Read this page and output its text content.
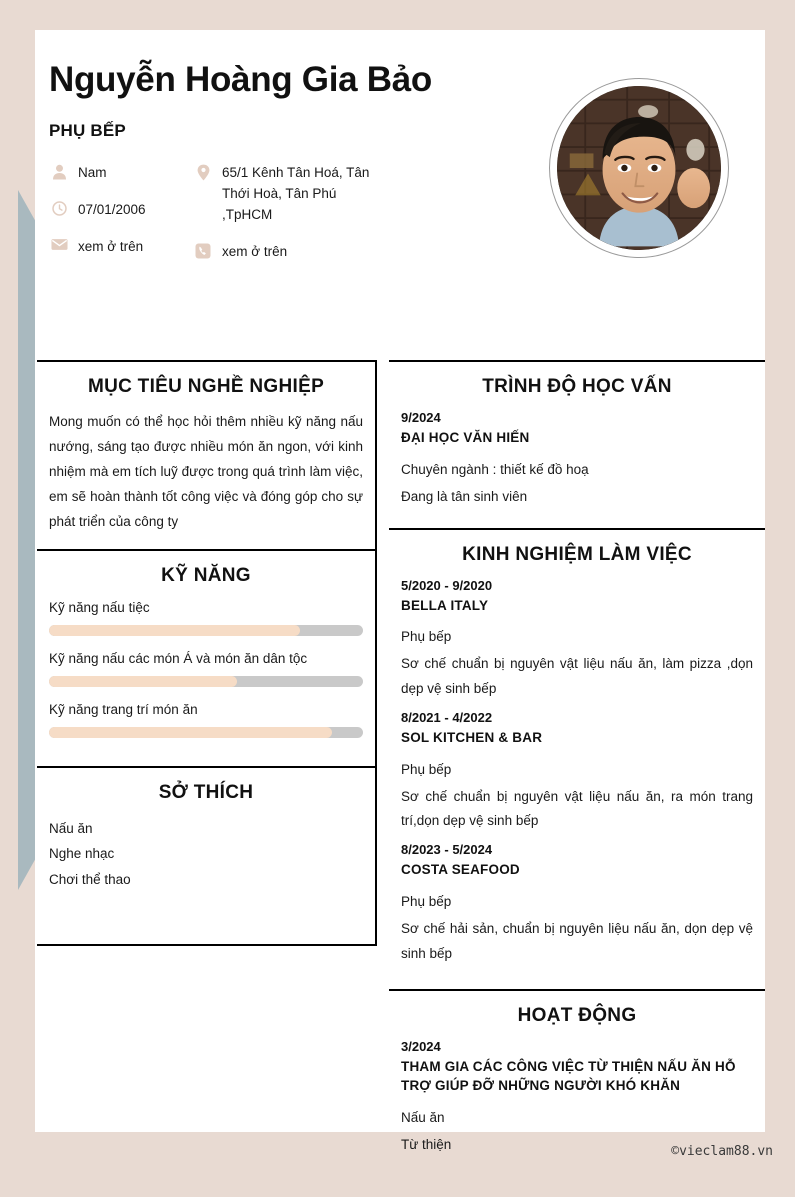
Nguyễn Hoàng Gia Bảo
PHỤ BẾP
Nam
07/01/2006
xem ở trên
65/1 Kênh Tân Hoá, Tân Thới Hoà, Tân Phú ,TpHCM
xem ở trên
MỤC TIÊU NGHỀ NGHIỆP

Mong muốn có thể học hỏi thêm nhiều kỹ năng nấu nướng, sáng tạo được nhiều món ăn ngon, với kinh nhiệm mà em tích luỹ được trong quá trình làm việc, em sẽ hoàn thành tốt công việc và đóng góp cho sự phát triển của công ty

KỸ NĂNG
Kỹ năng nấu tiệc
Kỹ năng nấu các món Á và món ăn dân tộc
Kỹ năng trang trí món ăn
SỞ THÍCH
Nấu ăn
Nghe nhạc
Chơi thể thao
TRÌNH ĐỘ HỌC VẤN
9/2024
ĐẠI HỌC VĂN HIẾN
Chuyên ngành : thiết kế đồ hoạ
Đang là tân sinh viên
KINH NGHIỆM LÀM VIỆC
5/2020 - 9/2020
BELLA ITALY
Phụ bếp
Sơ chế chuẩn bị nguyên vật liệu nấu ăn, làm pizza ,dọn dẹp vệ sinh bếp
8/2021 - 4/2022
SOL KITCHEN & BAR
Phụ bếp
Sơ chế chuẩn bị nguyên vật liệu nấu ăn, ra món trang trí,dọn dẹp vệ sinh bếp
8/2023 - 5/2024
COSTA SEAFOOD
Phụ bếp
Sơ chế hải sản, chuẩn bị nguyên liệu nấu ăn, dọn dẹp vệ sinh bếp
HOẠT ĐỘNG
3/2024
THAM GIA CÁC CÔNG VIỆC TỪ THIỆN NẤU ĂN HỖ TRỢ GIÚP ĐỠ NHỮNG NGƯỜI KHÓ KHĂN
Nấu ăn
Từ thiện	©vieclam88.vn
